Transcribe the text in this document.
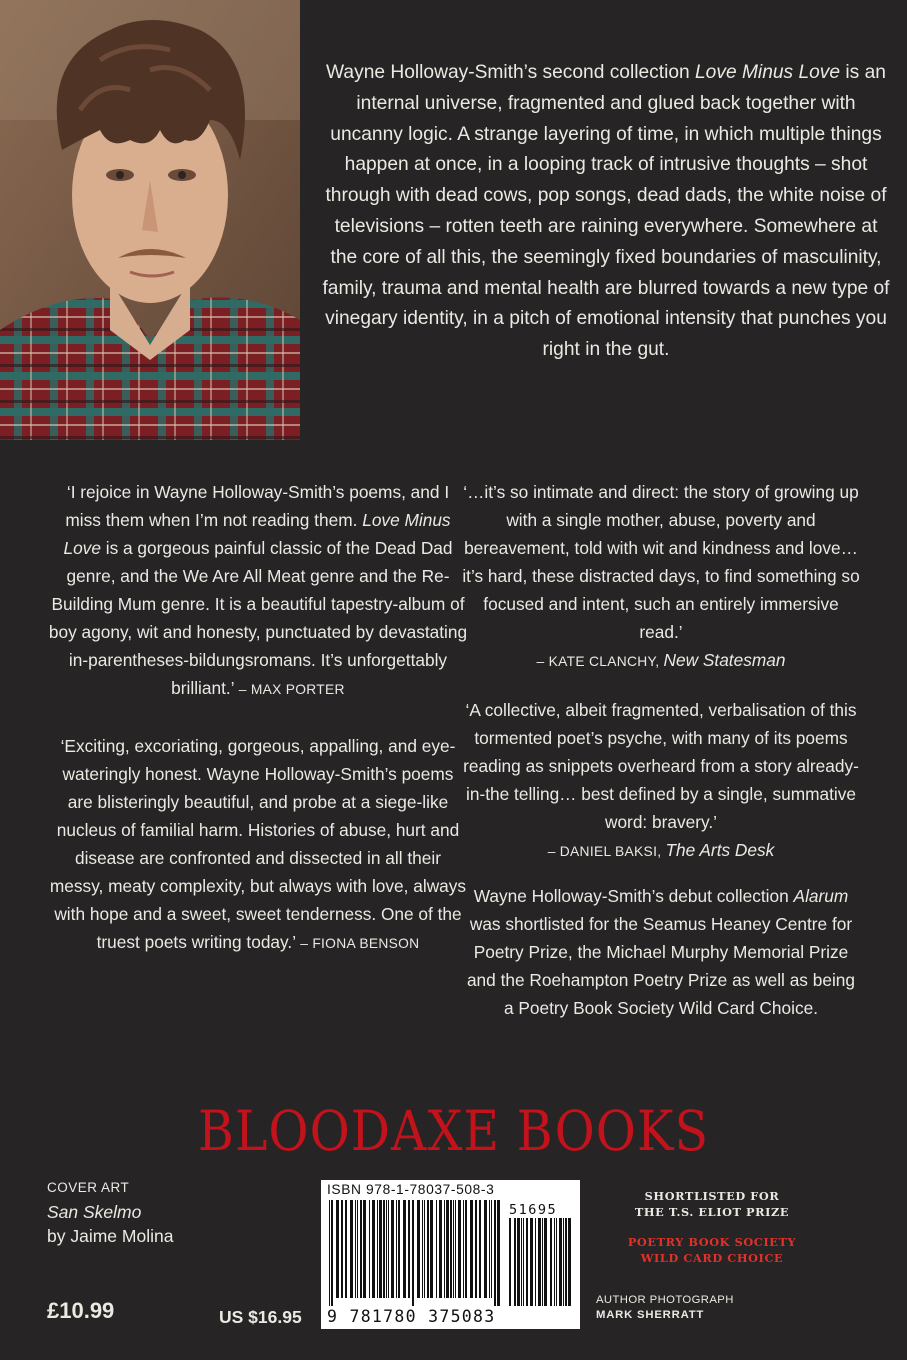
Wayne Holloway-Smith’s second collection Love Minus Love is an internal universe, fragmented and glued back together with uncanny logic. A strange layering of time, in which multiple things happen at once, in a looping track of intrusive thoughts – shot through with dead cows, pop songs, dead dads, the white noise of televisions – rotten teeth are raining everywhere. Somewhere at the core of all this, the seemingly fixed boundaries of masculinity, family, trauma and mental health are blurred towards a new type of vinegary identity, in a pitch of emotional intensity that punches you right in the gut.

‘I rejoice in Wayne Holloway-Smith’s poems, and I miss them when I’m not reading them. Love Minus Love is a gorgeous painful classic of the Dead Dad genre, and the We Are All Meat genre and the Re-Building Mum genre. It is a beautiful tapestry-album of boy agony, wit and honesty, punctuated by devastating in-parentheses-bildungsromans. It’s unforgettably brilliant.’ – MAX PORTER

‘Exciting, excoriating, gorgeous, appalling, and eye-wateringly honest. Wayne Holloway-Smith’s poems are blisteringly beautiful, and probe at a siege-like nucleus of familial harm. Histories of abuse, hurt and disease are confronted and dissected in all their messy, meaty complexity, but always with love, always with hope and a sweet, sweet tenderness. One of the truest poets writing today.’ – FIONA BENSON

‘…it’s so intimate and direct: the story of growing up with a single mother, abuse, poverty and bereavement, told with wit and kindness and love…it’s hard, these distracted days, to find something so focused and intent, such an entirely immersive read.’
– KATE CLANCHY, New Statesman

‘A collective, albeit fragmented, verbalisation of this tormented poet’s psyche, with many of its poems reading as snippets overheard from a story already-in-the telling… best defined by a single, summative word: bravery.’
– DANIEL BAKSI, The Arts Desk

Wayne Holloway-Smith’s debut collection Alarum was shortlisted for the Seamus Heaney Centre for Poetry Prize, the Michael Murphy Memorial Prize and the Roehampton Poetry Prize as well as being a Poetry Book Society Wild Card Choice.

BLOODAXE BOOKS
COVER ART
San Skelmo
by Jaime Molina
£10.99	US $16.95
ISBN 978-1-78037-508-3
51695
9 781780 375083
SHORTLISTED FOR
THE T.S. ELIOT PRIZE
POETRY BOOK SOCIETY
WILD CARD CHOICE
AUTHOR PHOTOGRAPH
MARK SHERRATT
